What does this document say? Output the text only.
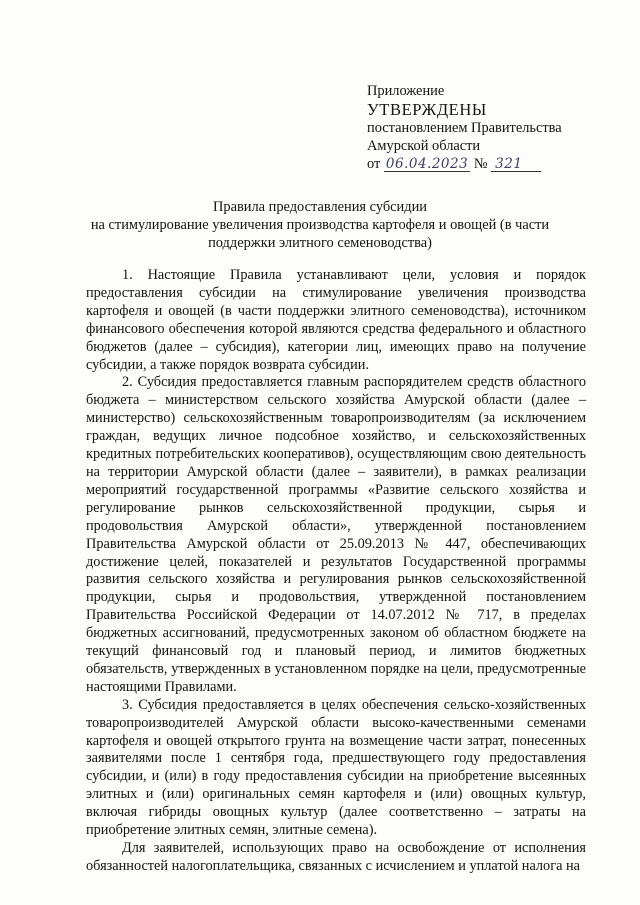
Приложение
УТВЕРЖДЕНЫ
постановлением Правительства
Амурской области
от 06.04.2023 № 321
Правила предоставления субсидии
на стимулирование увеличения производства картофеля и овощей (в части
поддержки элитного семеноводства)

1. Настоящие Правила устанавливают цели, условия и порядок предоставления субсидии на стимулирование увеличения производства картофеля и овощей (в части поддержки элитного семеноводства), источником финансового обеспечения которой являются средства федерального и областного бюджетов (далее – субсидия), категории лиц, имеющих право на получение субсидии, а также порядок возврата субсидии.

2. Субсидия предоставляется главным распорядителем средств областного бюджета – министерством сельского хозяйства Амурской области (далее – министерство) сельскохозяйственным товаропроизводителям (за исключением граждан, ведущих личное подсобное хозяйство, и сельскохозяйственных кредитных потребительских кооперативов), осуществляющим свою деятельность на территории Амурской области (далее – заявители), в рамках реализации мероприятий государственной программы «Развитие сельского хозяйства и регулирование рынков сельскохозяйственной продукции, сырья и продовольствия Амурской области», утвержденной постановлением Правительства Амурской области от 25.09.2013 № 447, обеспечивающих достижение целей, показателей и результатов Государственной программы развития сельского хозяйства и регулирования рынков сельскохозяйственной продукции, сырья и продовольствия, утвержденной постановлением Правительства Российской Федерации от 14.07.2012 № 717, в пределах бюджетных ассигнований, предусмотренных законом об областном бюджете на текущий финансовый год и плановый период, и лимитов бюджетных обязательств, утвержденных в установленном порядке на цели, предусмотренные настоящими Правилами.

3. Субсидия предоставляется в целях обеспечения сельско-хозяйственных товаропроизводителей Амурской области высоко-качественными семенами картофеля и овощей открытого грунта на возмещение части затрат, понесенных заявителями после 1 сентября года, предшествующего году предоставления субсидии, и (или) в году предоставления субсидии на приобретение высеянных элитных и (или) оригинальных семян картофеля и (или) овощных культур, включая гибриды овощных культур (далее соответственно – затраты на приобретение элитных семян, элитные семена).

Для заявителей, использующих право на освобождение от исполнения обязанностей налогоплательщика, связанных с исчислением и уплатой налога на
